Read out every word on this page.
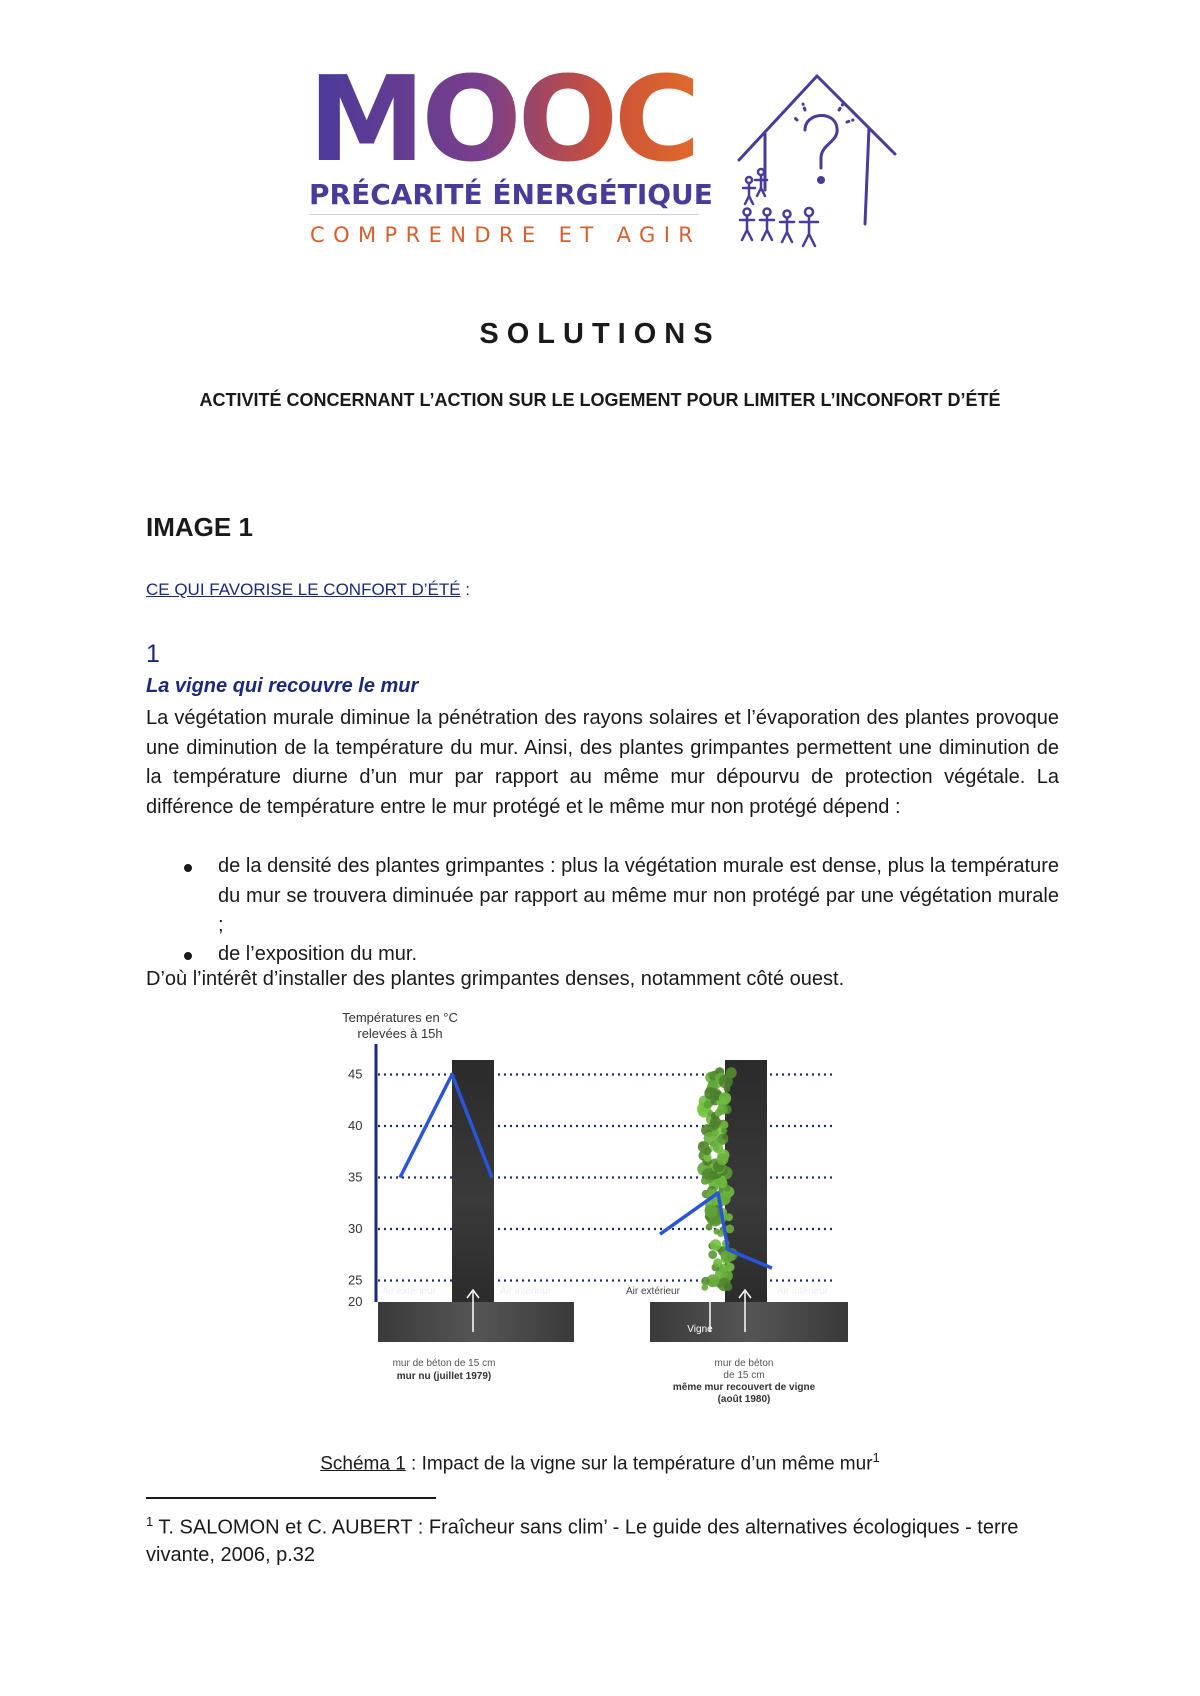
MOOC
PRÉCARITÉ ÉNERGÉTIQUE
COMPRENDRE ET AGIR
SOLUTIONS
ACTIVITÉ CONCERNANT L’ACTION SUR LE LOGEMENT POUR LIMITER L’INCONFORT D’ÉTÉ
IMAGE 1
CE QUI FAVORISE LE CONFORT D’ÉTÉ :
1
La vigne qui recouvre le mur
La végétation murale diminue la pénétration des rayons solaires et l’évaporation des plantes provoque une diminution de la température du mur. Ainsi, des plantes grimpantes permettent une diminution de la température diurne d’un mur par rapport au même mur dépourvu de protection végétale. La différence de température entre le mur protégé et le même mur non protégé dépend :
de la densité des plantes grimpantes : plus la végétation murale est dense, plus la température du mur se trouvera diminuée par rapport au même mur non protégé par une végétation murale ;
de l’exposition du mur.
D’où l’intérêt d’installer des plantes grimpantes denses, notamment côté ouest.
Températures en °C
relevées à 15h
45
40
35
30
25
20
Air extérieur	Air intérieur
mur de béton de 15 cm
mur nu (juillet 1979)
Air extérieur	Air intérieur
Vigne
mur de béton
de 15 cm
même mur recouvert de vigne
(août 1980)
Schéma 1 : Impact de la vigne sur la température d’un même mur$^1$
$^1$ T. SALOMON et C. AUBERT : Fraîcheur sans clim’ - Le guide des alternatives écologiques - terre vivante, 2006, p.32
